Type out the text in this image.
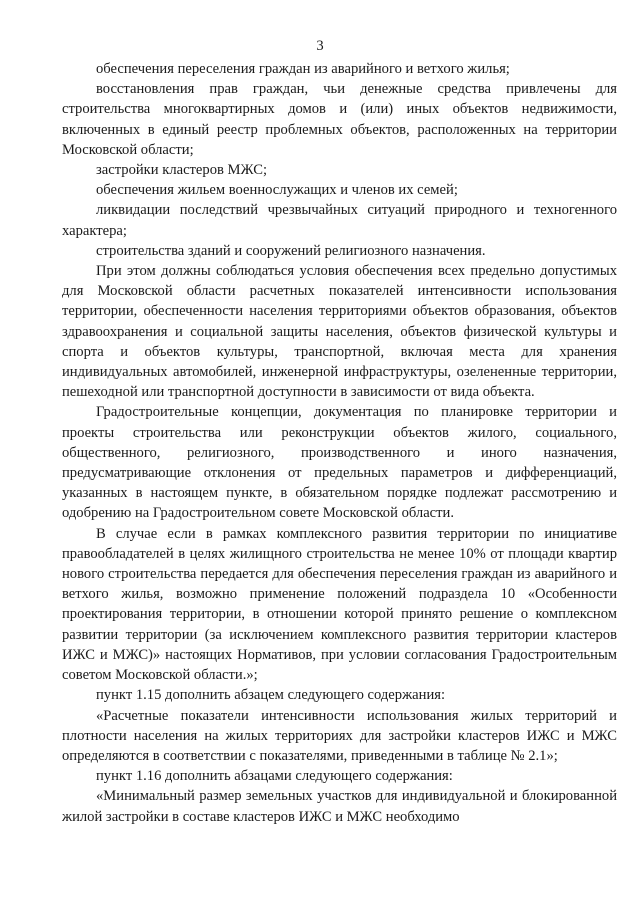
3

обеспечения переселения граждан из аварийного и ветхого жилья;

восстановления прав граждан, чьи денежные средства привлечены для строительства многоквартирных домов и (или) иных объектов недвижимости, включенных в единый реестр проблемных объектов, расположенных на территории Московской области;

застройки кластеров МЖС;

обеспечения жильем военнослужащих и членов их семей;

ликвидации последствий чрезвычайных ситуаций природного и техногенного характера;

строительства зданий и сооружений религиозного назначения.

При этом должны соблюдаться условия обеспечения всех предельно допустимых для Московской области расчетных показателей интенсивности использования территории, обеспеченности населения территориями объектов образования, объектов здравоохранения и социальной защиты населения, объектов физической культуры и спорта и объектов культуры, транспортной, включая места для хранения индивидуальных автомобилей, инженерной инфраструктуры, озелененные территории, пешеходной или транспортной доступности в зависимости от вида объекта.

Градостроительные концепции, документация по планировке территории и проекты строительства или реконструкции объектов жилого, социального, общественного, религиозного, производственного и иного назначения, предусматривающие отклонения от предельных параметров и дифференциаций, указанных в настоящем пункте, в обязательном порядке подлежат рассмотрению и одобрению на Градостроительном совете Московской области.

В случае если в рамках комплексного развития территории по инициативе правообладателей в целях жилищного строительства не менее 10% от площади квартир нового строительства передается для обеспечения переселения граждан из аварийного и ветхого жилья, возможно применение положений подраздела 10 «Особенности проектирования территории, в отношении которой принято решение о комплексном развитии территории (за исключением комплексного развития территории кластеров ИЖС и МЖС)» настоящих Нормативов, при условии согласования Градостроительным советом Московской области.»;

пункт 1.15 дополнить абзацем следующего содержания:

«Расчетные показатели интенсивности использования жилых территорий и плотности населения на жилых территориях для застройки кластеров ИЖС и МЖС определяются в соответствии с показателями, приведенными в таблице № 2.1»;

пункт 1.16 дополнить абзацами следующего содержания:

«Минимальный размер земельных участков для индивидуальной и блокированной жилой застройки в составе кластеров ИЖС и МЖС необходимо
